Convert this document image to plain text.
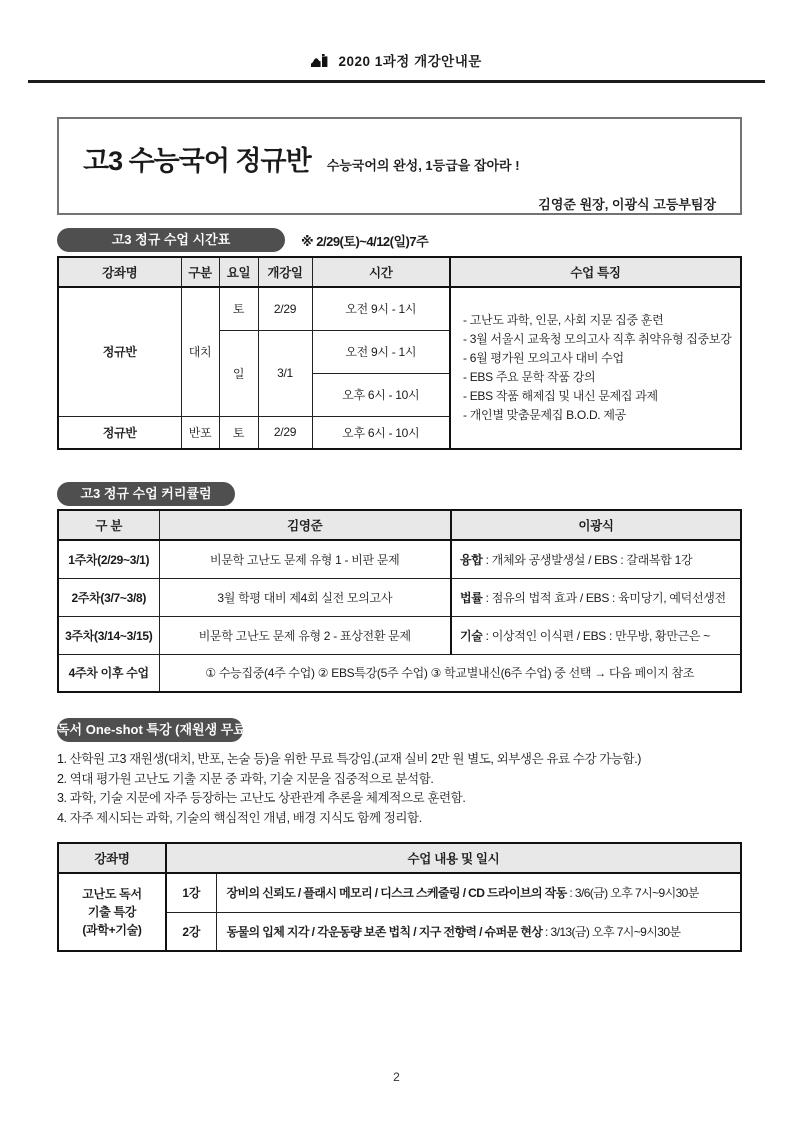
2020 1과정 개강안내문
고3 수능국어 정규반 수능국어의 완성, 1등급을 잡아라 !
김영준 원장, 이광식 고등부팀장
고3 정규 수업 시간표	※ 2/29(토)~4/12(일)7주
강좌명	구분	요일	개강일	시간	수업 특징
정규반	대치	토	2/29	오전 9시 - 1시	
- 고난도 과학, 인문, 사회 지문 집중 훈련
- 3월 서울시 교육청 모의고사 직후 취약유형 집중보강
- 6월 평가원 모의고사 대비 수업
- EBS 주요 문학 작품 강의
- EBS 작품 해제집 및 내신 문제집 과제
- 개인별 맞춤문제집 B.O.D. 제공

		일	3/1	오전 9시 - 1시	
				오후 6시 - 10시	
정규반	반포	토	2/29	오후 6시 - 10시	
고3 정규 수업 커리큘럼
구 분	김영준	이광식
1주차(2/29~3/1)	비문학 고난도 문제 유형 1 - 비판 문제	융합 : 개체와 공생발생설 / EBS : 갈래복합 1강
2주차(3/7~3/8)	3월 학평 대비 제4회 실전 모의고사	법률 : 점유의 법적 효과 / EBS : 육미당기, 예덕선생전
3주차(3/14~3/15)	비문학 고난도 문제 유형 2 - 표상전환 문제	기술 : 이상적인 이식편 / EBS : 만무방, 황만근은 ~
4주차 이후 수업	① 수능집중(4주 수업) ② EBS특강(5주 수업) ③ 학교별내신(6주 수업) 중 선택 → 다음 페이지 참조	
독서 One-shot 특강 (재원생 무료)
1. 산학원 고3 재원생(대치, 반포, 논술 등)을 위한 무료 특강임.(교재 실비 2만 원 별도, 외부생은 유료 수강 가능함.)
2. 역대 평가원 고난도 기출 지문 중 과학, 기술 지문을 집중적으로 분석함.
3. 과학, 기술 지문에 자주 등장하는 고난도 상관관계 추론을 체계적으로 훈련함.
4. 자주 제시되는 과학, 기술의 핵심적인 개념, 배경 지식도 함께 정리함.
강좌명	수업 내용 및 일시	

고난도 독서
기출 특강
(과학+기술)	1강	장비의 신뢰도 / 플래시 메모리 / 디스크 스케줄링 / CD 드라이브의 작동 : 3/6(금) 오후 7시~9시30분
	2강	동물의 입체 지각 / 각운동량 보존 법칙 / 지구 전향력 / 슈퍼문 현상 : 3/13(금) 오후 7시~9시30분
2
